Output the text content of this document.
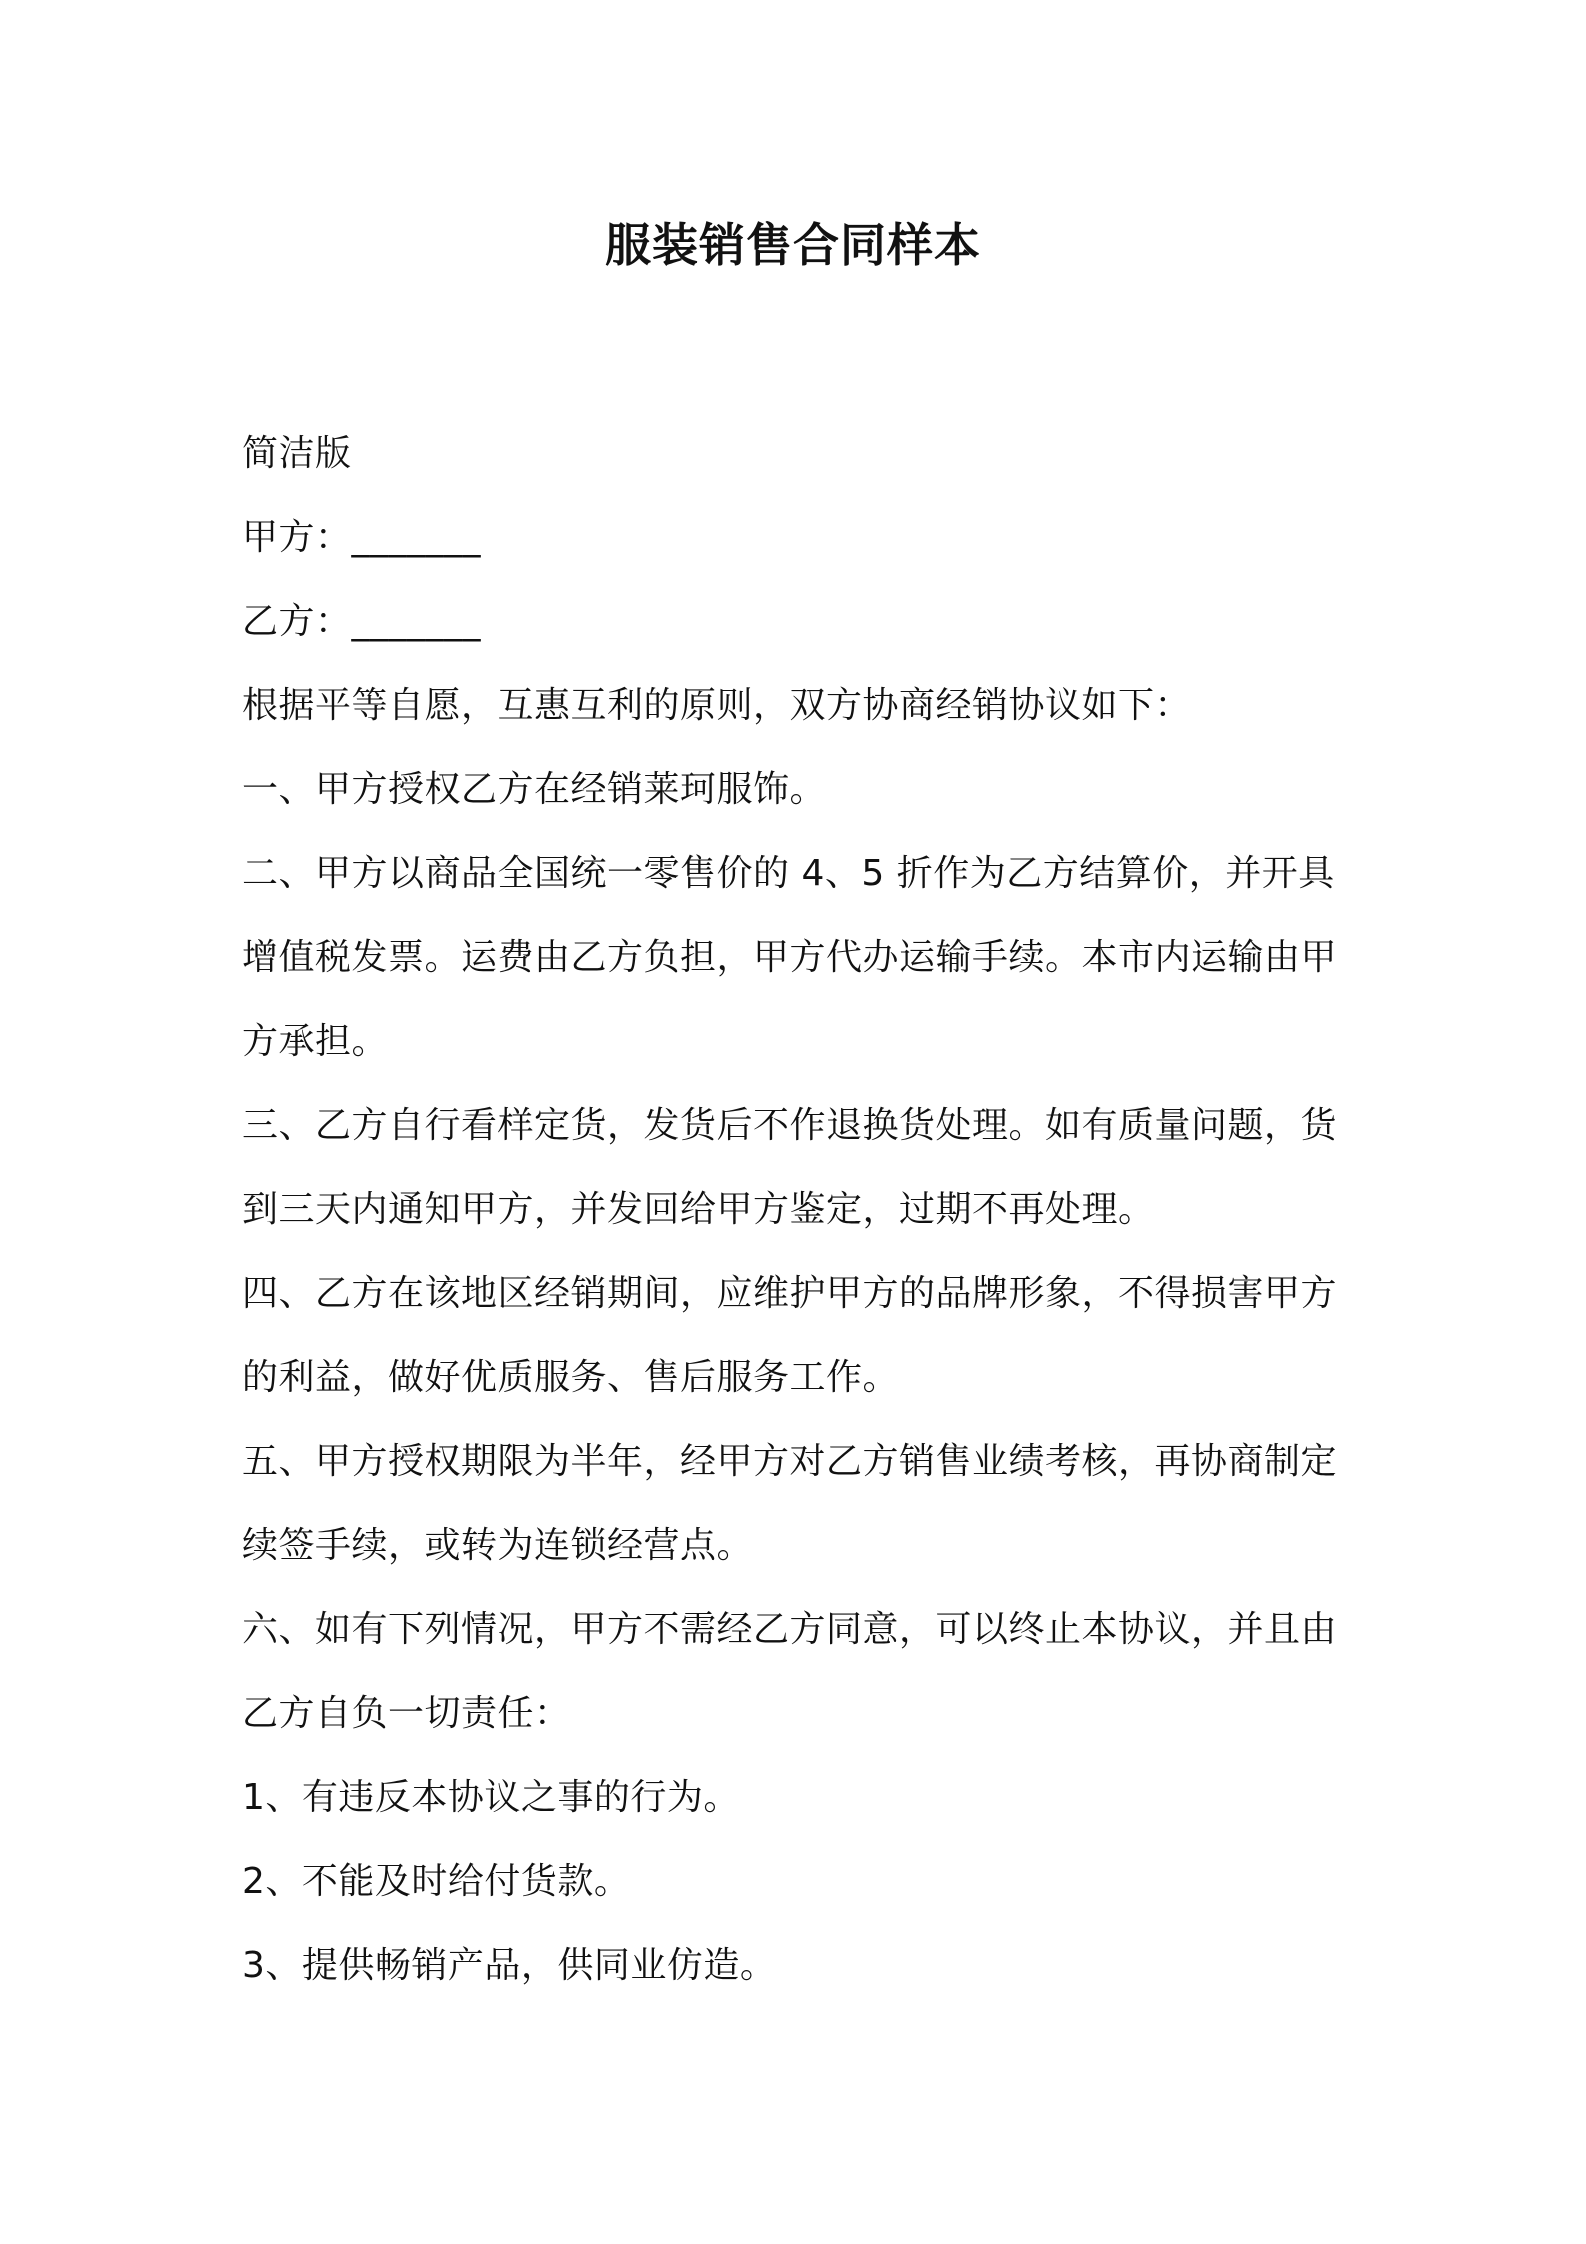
服装销售合同样本
简洁版
甲方：_______
乙方：_______
根据平等自愿，互惠互利的原则，双方协商经销协议如下：
一、甲方授权乙方在经销莱珂服饰。
二、甲方以商品全国统一零售价的 4、5 折作为乙方结算价，并开具
增值税发票。运费由乙方负担，甲方代办运输手续。本市内运输由甲
方承担。
三、乙方自行看样定货，发货后不作退换货处理。如有质量问题，货
到三天内通知甲方，并发回给甲方鉴定，过期不再处理。
四、乙方在该地区经销期间，应维护甲方的品牌形象，不得损害甲方
的利益，做好优质服务、售后服务工作。
五、甲方授权期限为半年，经甲方对乙方销售业绩考核，再协商制定
续签手续，或转为连锁经营点。
六、如有下列情况，甲方不需经乙方同意，可以终止本协议，并且由
乙方自负一切责任：
1、有违反本协议之事的行为。
2、不能及时给付货款。
3、提供畅销产品，供同业仿造。
